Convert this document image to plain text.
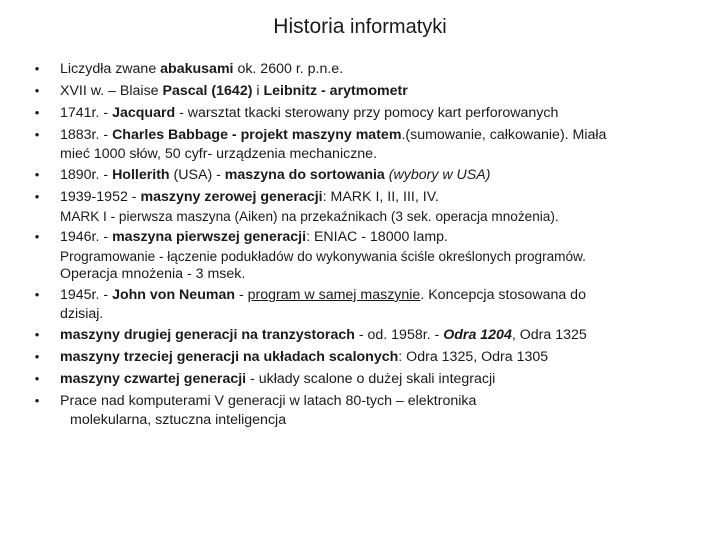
Historia informatyki
•	Liczydła zwane abakusami ok. 2600 r. p.n.e.
•	XVII w. – Blaise Pascal (1642) i Leibnitz - arytmometr
•	1741r. - Jacquard - warsztat tkacki sterowany przy pomocy kart perforowanych
•	1883r. - Charles Babbage - projekt maszyny matem.(sumowanie, całkowanie). Miała
mieć 1000 słów, 50 cyfr- urządzenia mechaniczne.
•	1890r. - Hollerith (USA) - maszyna do sortowania (wybory w USA)
•	1939-1952 - maszyny zerowej generacji: MARK I, II, III, IV.
MARK I - pierwsza maszyna (Aiken) na przekaźnikach (3 sek. operacja mnożenia).
•	1946r. - maszyna pierwszej generacji: ENIAC - 18000 lamp.
Programowanie - łączenie podukładów do wykonywania ściśle określonych programów.
Operacja mnożenia - 3 msek.
•	1945r. - John von Neuman - program w samej maszynie. Koncepcja stosowana do
dzisiaj.
•	maszyny drugiej generacji na tranzystorach - od. 1958r. - Odra 1204, Odra 1325
•	maszyny trzeciej generacji na układach scalonych: Odra 1325, Odra 1305
•	maszyny czwartej generacji - układy scalone o dużej skali integracji
•	Prace nad komputerami V generacji w latach 80-tych – elektronika
molekularna, sztuczna inteligencja
